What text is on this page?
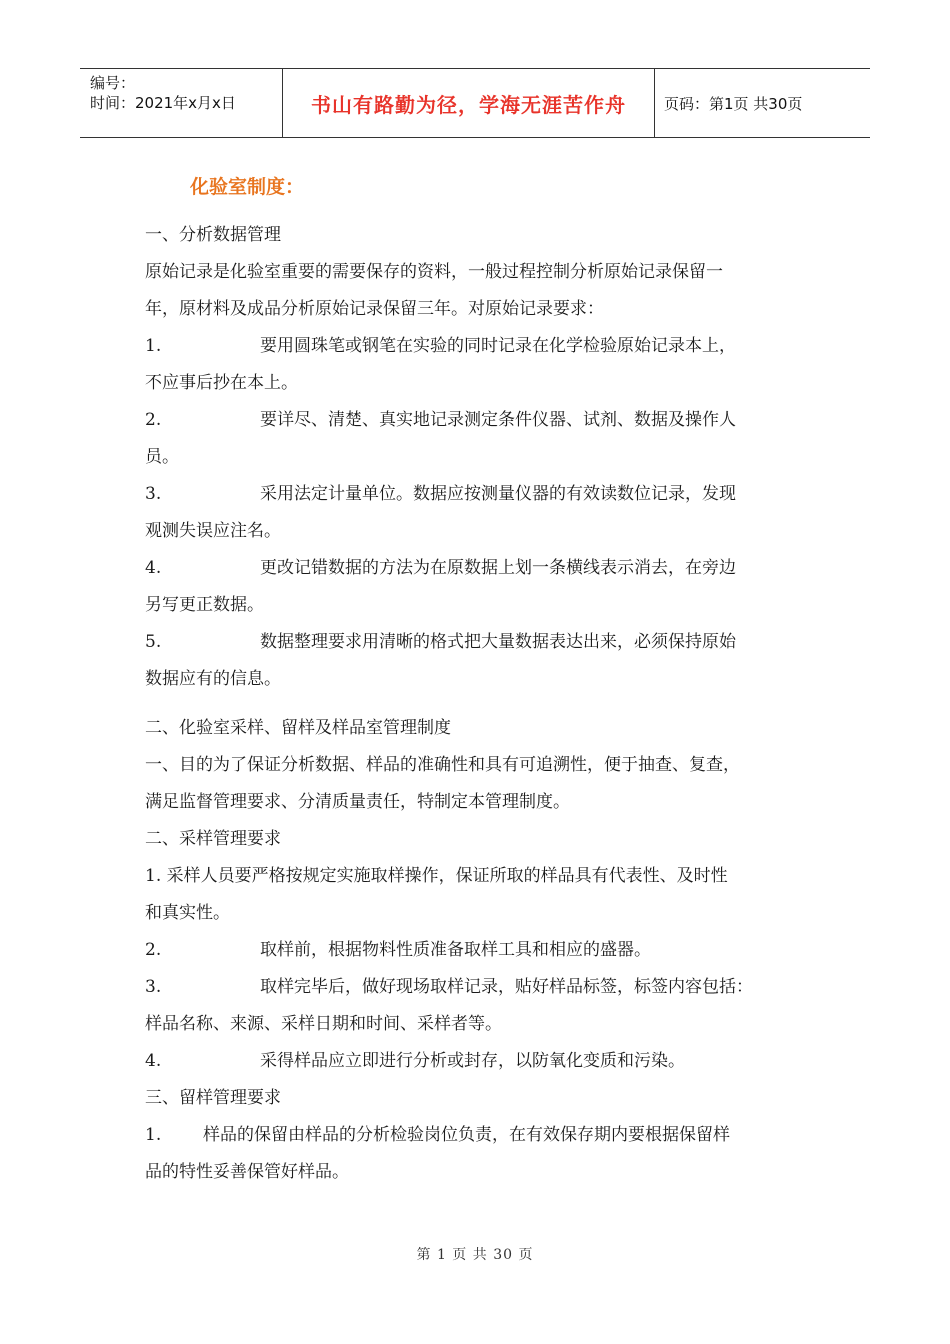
编号：
时间：2021年x月x日	书山有路勤为径，学海无涯苦作舟	页码：第1页 共30页
化验室制度：

一、分析数据管理

原始记录是化验室重要的需要保存的资料，一般过程控制分析原始记录保留一

年，原材料及成品分析原始记录保留三年。对原始记录要求：

1.	要用圆珠笔或钢笔在实验的同时记录在化学检验原始记录本上，

不应事后抄在本上。

2.	要详尽、清楚、真实地记录测定条件仪器、试剂、数据及操作人

员。

3.	采用法定计量单位。数据应按测量仪器的有效读数位记录，发现

观测失误应注名。

4.	更改记错数据的方法为在原数据上划一条横线表示消去，在旁边

另写更正数据。

5.	数据整理要求用清晰的格式把大量数据表达出来，必须保持原始

数据应有的信息。

二、化验室采样、留样及样品室管理制度

一、目的为了保证分析数据、样品的准确性和具有可追溯性，便于抽查、复查，

满足监督管理要求、分清质量责任，特制定本管理制度。

二、采样管理要求

1. 采样人员要严格按规定实施取样操作，保证所取的样品具有代表性、及时性

和真实性。

2.	取样前，根据物料性质准备取样工具和相应的盛器。

3.	取样完毕后，做好现场取样记录，贴好样品标签，标签内容包括：

样品名称、来源、采样日期和时间、采样者等。

4.	采得样品应立即进行分析或封存，以防氧化变质和污染。

三、留样管理要求

1. 样品的保留由样品的分析检验岗位负责，在有效保存期内要根据保留样

品的特性妥善保管好样品。

第 1 页 共 30 页
